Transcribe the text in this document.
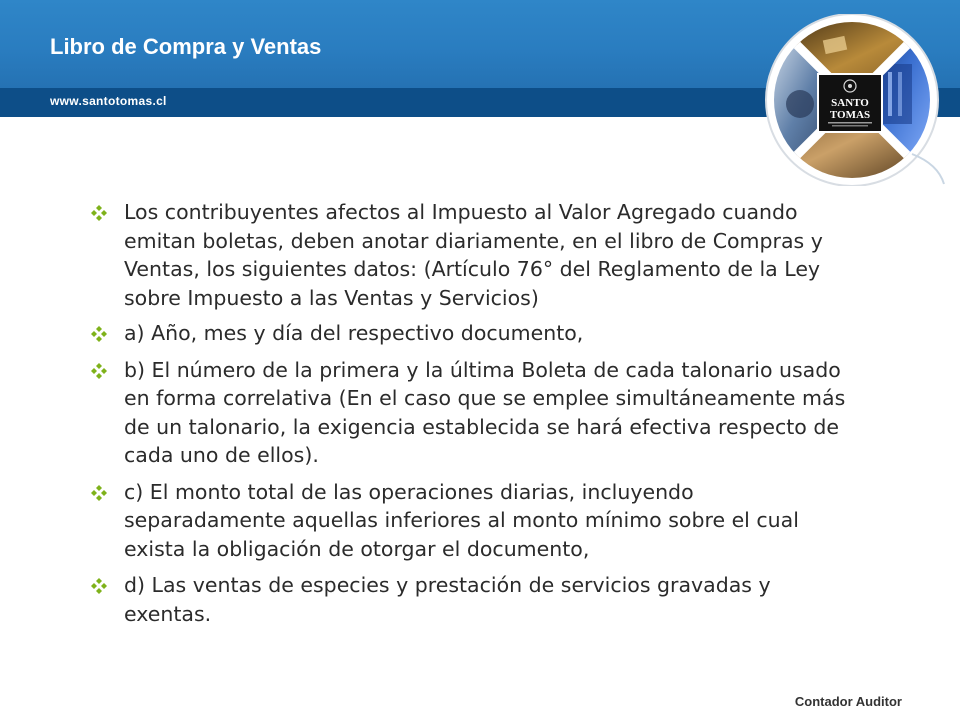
Libro de Compra y Ventas
www.santotomas.cl	SANTO
TOMAS
Los contribuyentes afectos al Impuesto al Valor Agregado cuando emitan boletas, deben anotar diariamente, en el libro de Compras y Ventas, los siguientes datos: (Artículo 76° del Reglamento de la Ley sobre Impuesto a las Ventas y Servicios)
a) Año, mes y día del respectivo documento,
b) El número de la primera y la última Boleta de cada talonario usado en forma correlativa (En el caso que se emplee simultáneamente más de un talonario, la exigencia establecida se hará efectiva respecto de cada uno de ellos).
c) El monto total de las operaciones diarias, incluyendo separadamente aquellas inferiores al monto mínimo sobre el cual exista la obligación de otorgar el documento,
d) Las ventas de especies y prestación de servicios gravadas y exentas.
Contador Auditor
